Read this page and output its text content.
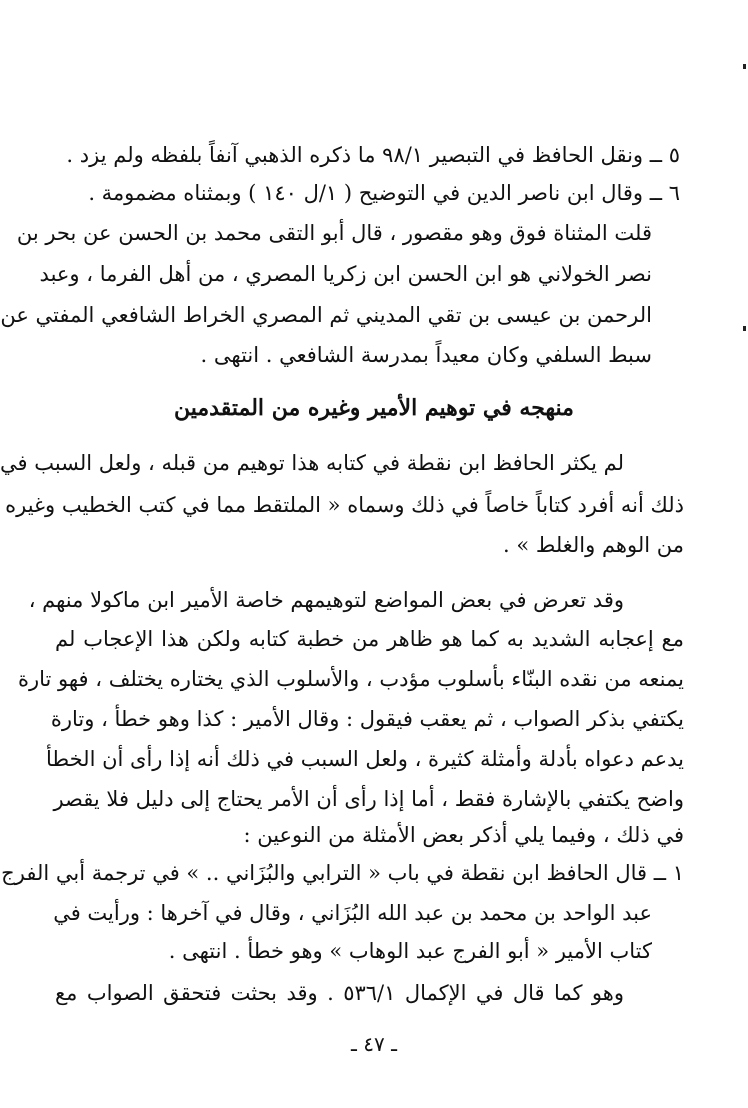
٥ ــ ونقل الحافظ في التبصير ٩٨/١ ما ذكره الذهبي آنفاً بلفظه ولم يزد .
٦ ــ وقال ابن ناصر الدين في التوضيح ( ١/ل ١٤٠ ) وبمثناه مضمومة .
قلت المثناة فوق وهو مقصور ، قال أبو التقى محمد بن الحسن عن بحر بن
نصر الخولاني هو ابن الحسن ابن زكريا المصري ، من أهل الفرما ، وعبد
الرحمن بن عيسى بن تقي المديني ثم المصري الخراط الشافعي المفتي عن
سبط السلفي وكان معيداً بمدرسة الشافعي . انتهى .
منهجه في توهيم الأمير وغيره من المتقدمين
لم يكثر الحافظ ابن نقطة في كتابه هذا توهيم من قبله ، ولعل السبب في
ذلك أنه أفرد كتاباً خاصاً في ذلك وسماه « الملتقط مما في كتب الخطيب وغيره
من الوهم والغلط » .
وقد تعرض في بعض المواضع لتوهيمهم خاصة الأمير ابن ماكولا منهم ،
مع إعجابه الشديد به كما هو ظاهر من خطبة كتابه ولكن هذا الإعجاب لم
يمنعه من نقده البنّاء بأسلوب مؤدب ، والأسلوب الذي يختاره يختلف ، فهو تارة
يكتفي بذكر الصواب ، ثم يعقب فيقول : وقال الأمير : كذا وهو خطأ ، وتارة
يدعم دعواه بأدلة وأمثلة كثيرة ، ولعل السبب في ذلك أنه إذا رأى أن الخطأ
واضح يكتفي بالإشارة فقط ، أما إذا رأى أن الأمر يحتاج إلى دليل فلا يقصر
في ذلك ، وفيما يلي أذكر بعض الأمثلة من النوعين :
١ ــ قال الحافظ ابن نقطة في باب « الترابي والبُزَاني .. » في ترجمة أبي الفرج
عبد الواحد بن محمد بن عبد الله البُزَاني ، وقال في آخرها : ورأيت في
كتاب الأمير « أبو الفرج عبد الوهاب » وهو خطأ . انتهى .
وهو كما قال في الإكمال ٥٣٦/١ . وقد بحثت فتحقق الصواب مع
ـ ٤٧ ـ
